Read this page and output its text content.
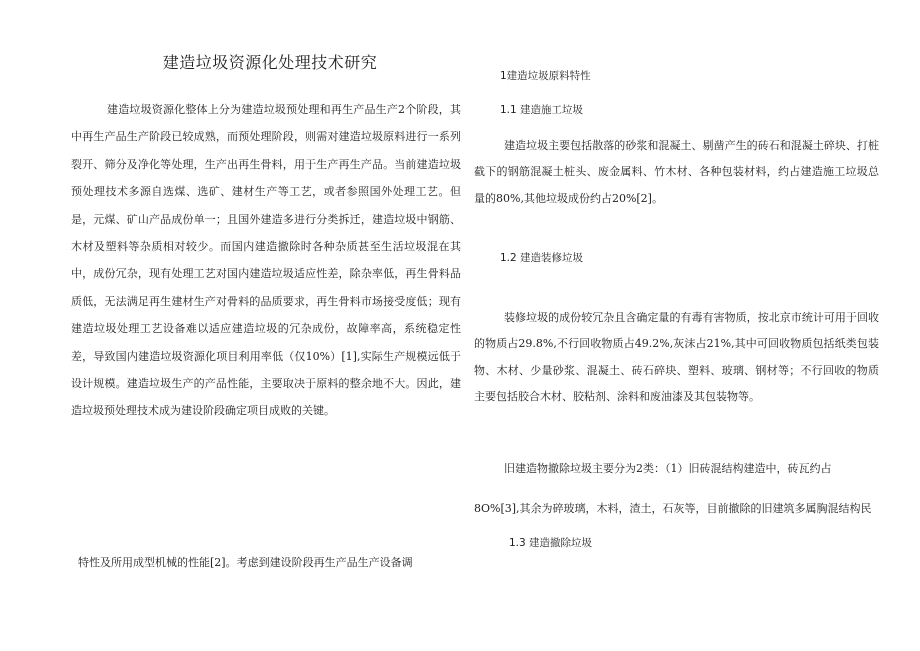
建造垃圾资源化处理技术研究

建造垃圾资源化整体上分为建造垃圾预处理和再生产品生产2个阶段，其中再生产品生产阶段已较成熟，而预处理阶段，则需对建造垃圾原料进行一系列裂开、筛分及净化等处理，生产出再生骨料，用于生产再生产品。当前建造垃圾预处理技术多源自选煤、选矿、建材生产等工艺，或者参照国外处理工艺。但是，元煤、矿山产品成份单一；且国外建造多进行分类拆迁，建造垃圾中钢筋、木材及塑料等杂质相对较少。而国内建造撤除时各种杂质甚至生活垃圾混在其中，成份冗杂，现有处理工艺对国内建造垃圾适应性差，除杂率低，再生骨料品质低，无法满足再生建材生产对骨料的品质要求，再生骨料市场接受度低；现有建造垃圾处理工艺设备难以适应建造垃圾的冗杂成份，故障率高，系统稳定性差，导致国内建造垃圾资源化项目利用率低（仅10%）[1],实际生产规模远低于设计规模。建造垃圾生产的产品性能，主要取决于原料的整余地不大。因此，建造垃圾预处理技术成为建设阶段确定项目成败的关键。

特性及所用成型机械的性能[2]。考虑到建设阶段再生产品生产设备调
1建造垃圾原料特性
1.1 建造施工垃圾

建造垃圾主要包括散落的砂浆和混凝土、剔凿产生的砖石和混凝土碎块、打桩截下的钢筋混凝土桩头、废金属料、竹木材、各种包装材料，约占建造施工垃圾总量的80%,其他垃圾成份约占20%[2]。

1.2 建造装修垃圾

装修垃圾的成份较冗杂且含确定量的有毒有害物质，按北京市统计可用于回收的物质占29.8%,不行回收物质占49.2%,灰沫占21%,其中可回收物质包括纸类包装物、木材、少量砂浆、混凝土、砖石碎块、塑料、玻璃、钢材等；不行回收的物质主要包括胶合木材、胶粘剂、涂料和废油漆及其包装物等。

旧建造物撤除垃圾主要分为2类：（1）旧砖混结构建造中，砖瓦约占
8O%[3],其余为碎玻璃，木料，渣土，石灰等，目前撤除的旧建筑多属胸混结构民
1.3 建造撤除垃圾
